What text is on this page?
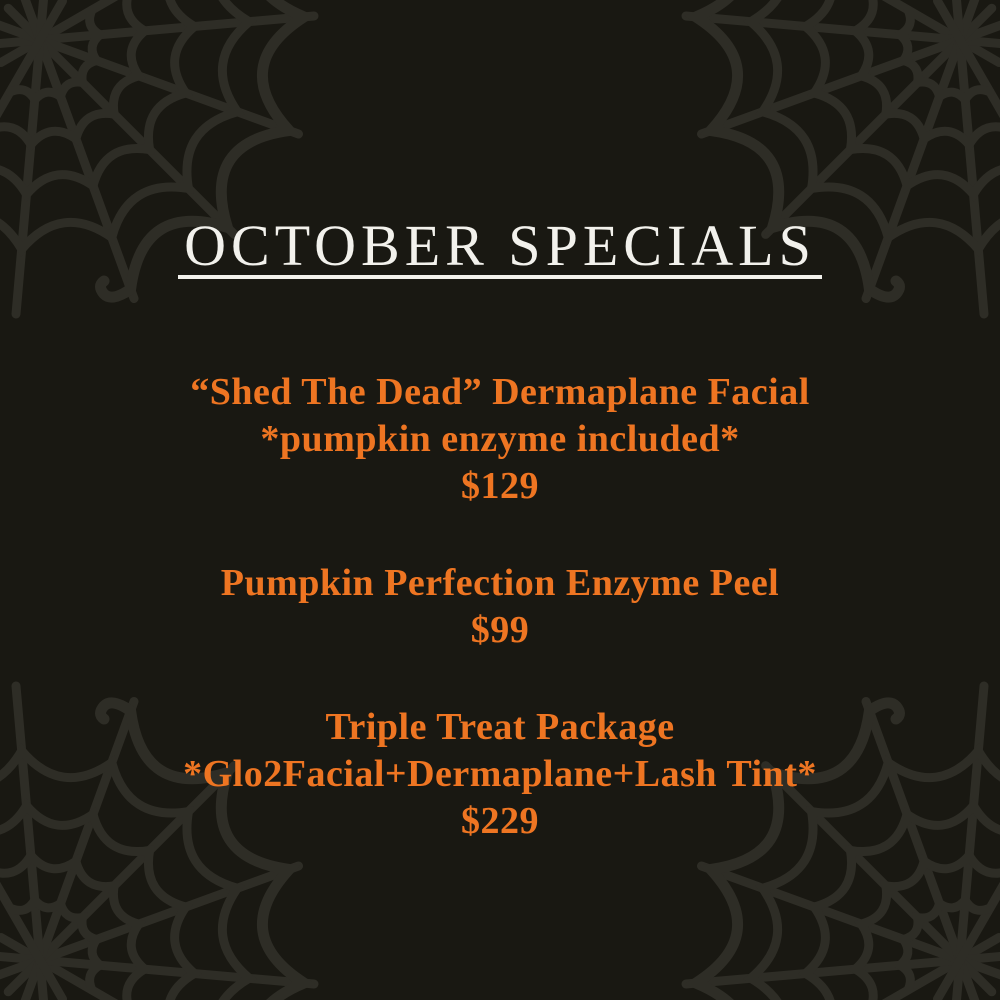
OCTOBER SPECIALS
“Shed The Dead” Dermaplane Facial
*pumpkin enzyme included*
$129
Pumpkin Perfection Enzyme Peel
$99
Triple Treat Package
*Glo2Facial+Dermaplane+Lash Tint*
$229
